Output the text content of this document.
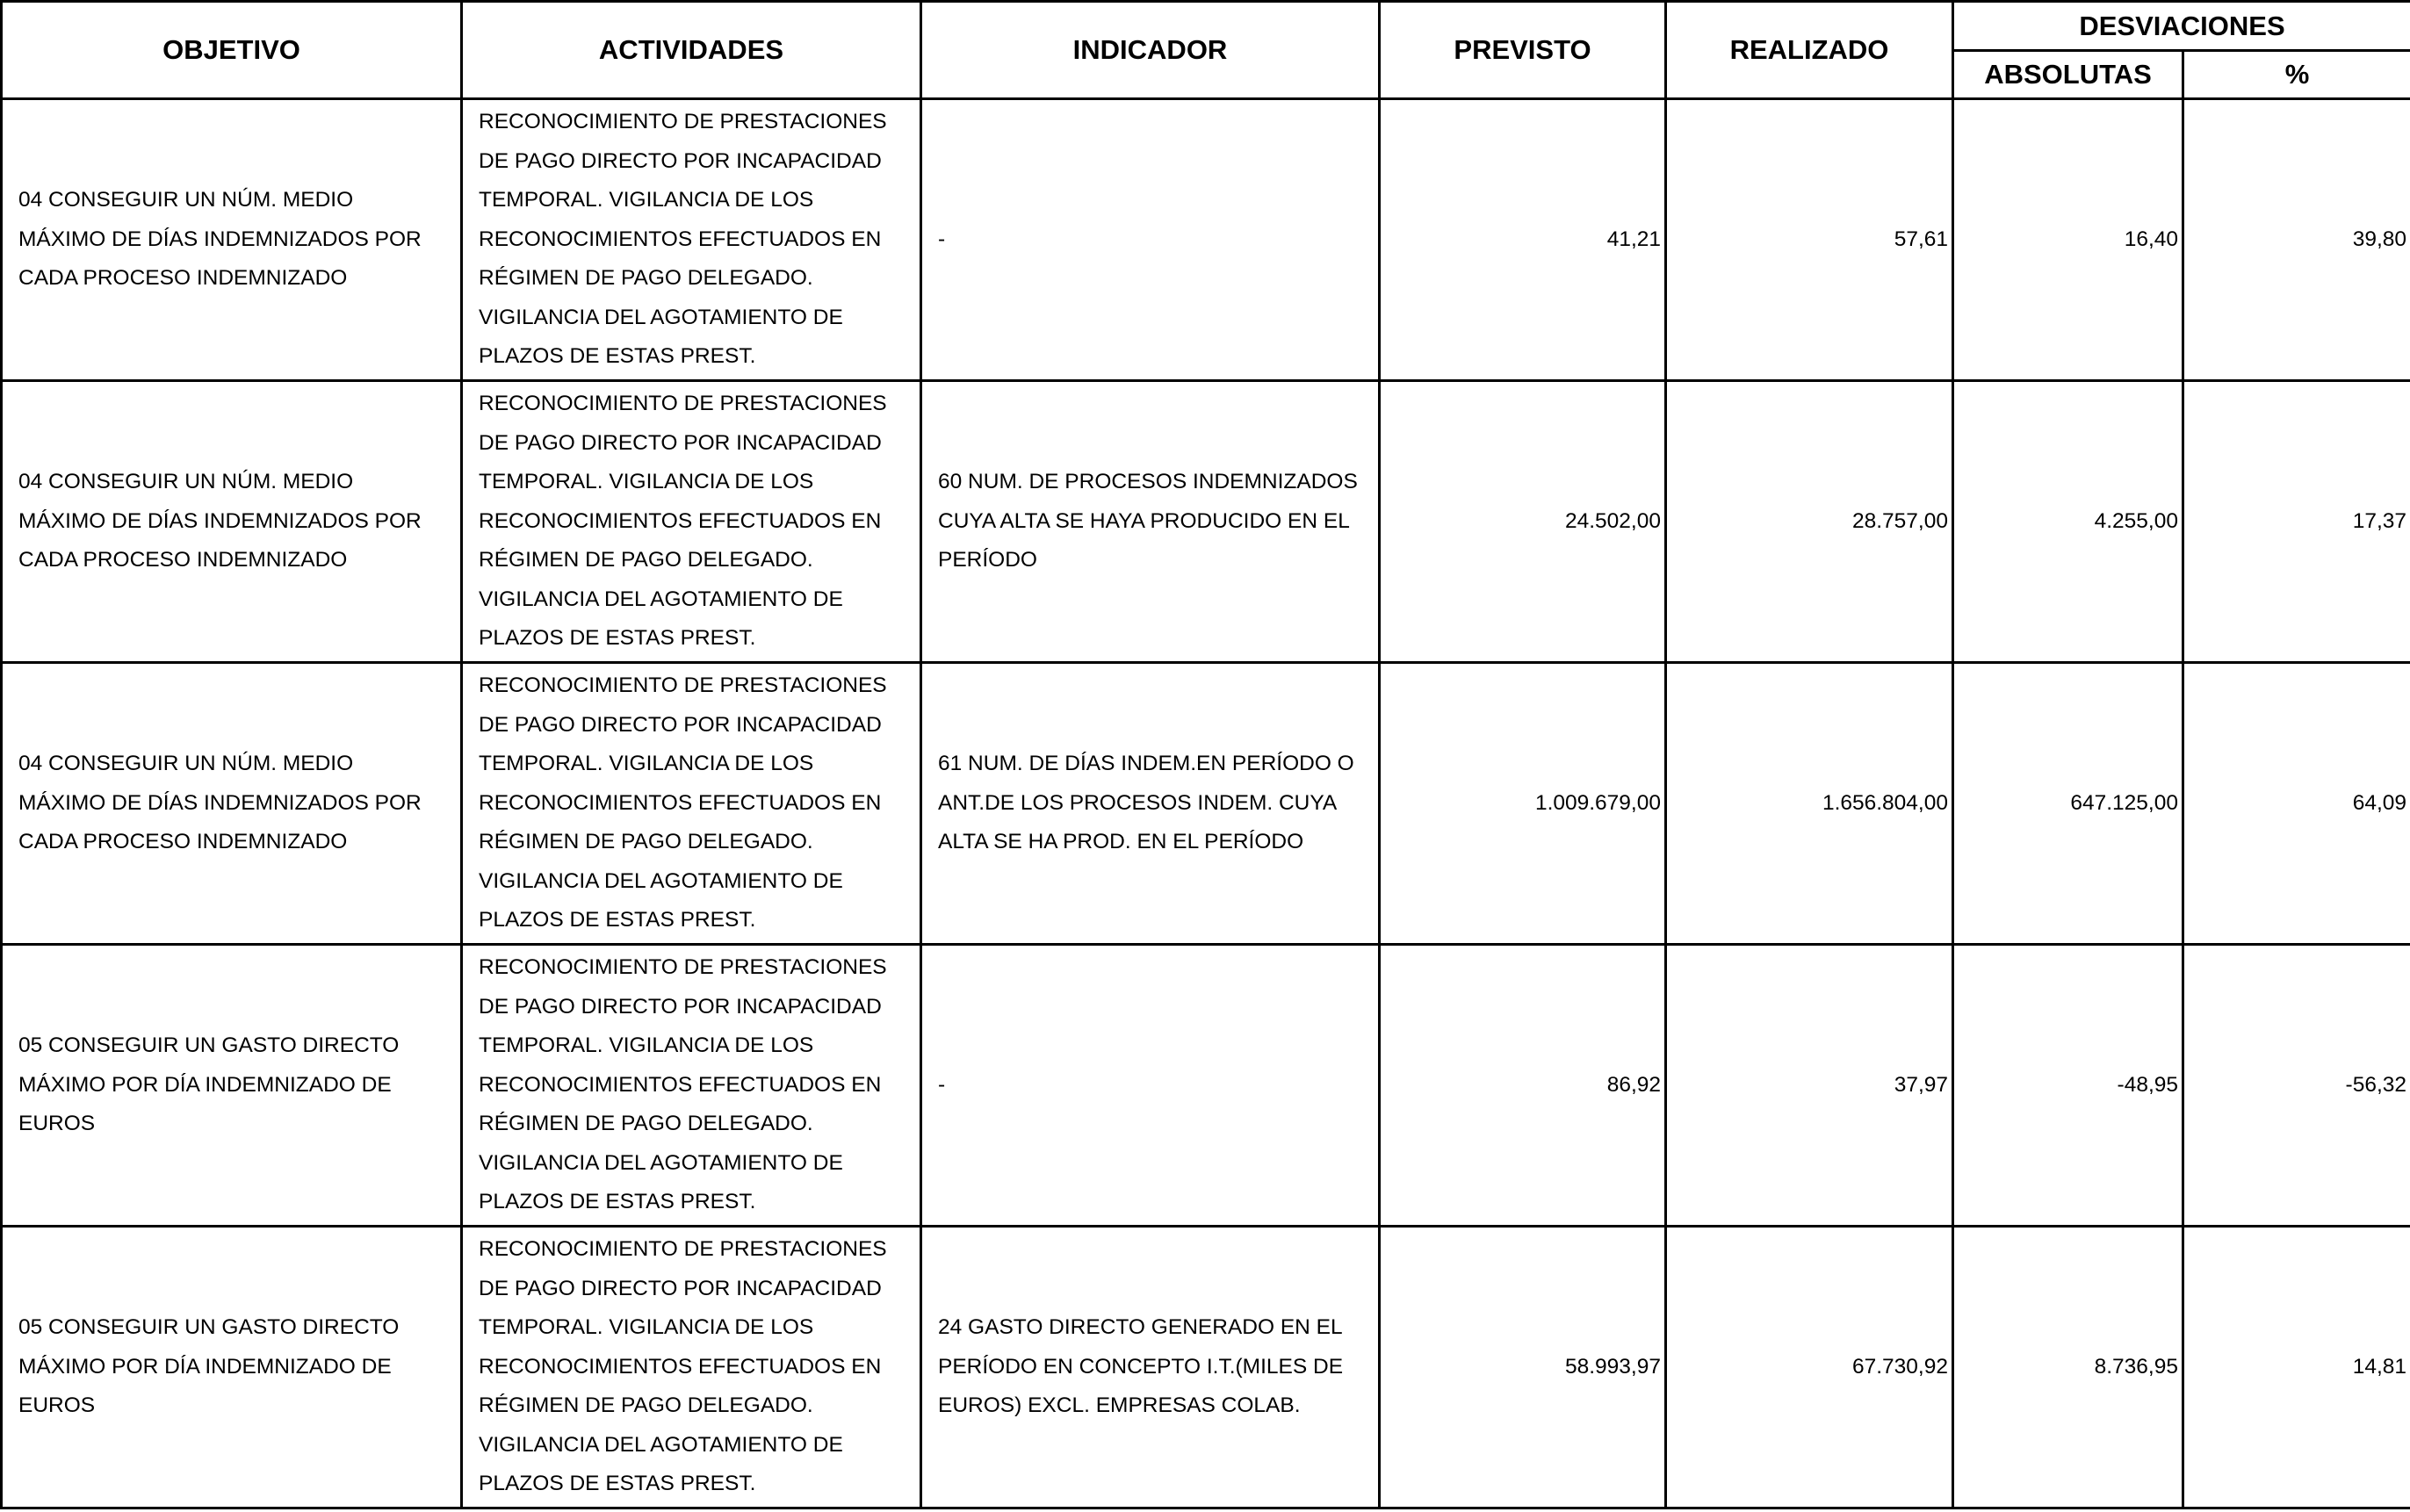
OBJETIVO	ACTIVIDADES	INDICADOR	PREVISTO	REALIZADO	DESVIACIONES	
					ABSOLUTAS	%
04 CONSEGUIR UN NÚM. MEDIO MÁXIMO DE DÍAS INDEMNIZADOS POR CADA PROCESO INDEMNIZADO	RECONOCIMIENTO DE PRESTACIONES DE PAGO DIRECTO POR INCAPACIDAD TEMPORAL. VIGILANCIA DE LOS RECONOCIMIENTOS EFECTUADOS EN RÉGIMEN DE PAGO DELEGADO. VIGILANCIA DEL AGOTAMIENTO DE PLAZOS DE ESTAS PREST.	-	41,21	57,61	16,40	39,80
04 CONSEGUIR UN NÚM. MEDIO MÁXIMO DE DÍAS INDEMNIZADOS POR CADA PROCESO INDEMNIZADO	RECONOCIMIENTO DE PRESTACIONES DE PAGO DIRECTO POR INCAPACIDAD TEMPORAL. VIGILANCIA DE LOS RECONOCIMIENTOS EFECTUADOS EN RÉGIMEN DE PAGO DELEGADO. VIGILANCIA DEL AGOTAMIENTO DE PLAZOS DE ESTAS PREST.	60 NUM. DE PROCESOS INDEMNIZADOS CUYA ALTA SE HAYA PRODUCIDO EN EL PERÍODO	24.502,00	28.757,00	4.255,00	17,37
04 CONSEGUIR UN NÚM. MEDIO MÁXIMO DE DÍAS INDEMNIZADOS POR CADA PROCESO INDEMNIZADO	RECONOCIMIENTO DE PRESTACIONES DE PAGO DIRECTO POR INCAPACIDAD TEMPORAL. VIGILANCIA DE LOS RECONOCIMIENTOS EFECTUADOS EN RÉGIMEN DE PAGO DELEGADO. VIGILANCIA DEL AGOTAMIENTO DE PLAZOS DE ESTAS PREST.	61 NUM. DE DÍAS INDEM.EN PERÍODO O ANT.DE LOS PROCESOS INDEM. CUYA ALTA SE HA PROD. EN EL PERÍODO	1.009.679,00	1.656.804,00	647.125,00	64,09
05 CONSEGUIR UN GASTO DIRECTO MÁXIMO POR DÍA INDEMNIZADO DE EUROS	RECONOCIMIENTO DE PRESTACIONES DE PAGO DIRECTO POR INCAPACIDAD TEMPORAL. VIGILANCIA DE LOS RECONOCIMIENTOS EFECTUADOS EN RÉGIMEN DE PAGO DELEGADO. VIGILANCIA DEL AGOTAMIENTO DE PLAZOS DE ESTAS PREST.	-	86,92	37,97	-48,95	-56,32
05 CONSEGUIR UN GASTO DIRECTO MÁXIMO POR DÍA INDEMNIZADO DE EUROS	RECONOCIMIENTO DE PRESTACIONES DE PAGO DIRECTO POR INCAPACIDAD TEMPORAL. VIGILANCIA DE LOS RECONOCIMIENTOS EFECTUADOS EN RÉGIMEN DE PAGO DELEGADO. VIGILANCIA DEL AGOTAMIENTO DE PLAZOS DE ESTAS PREST.	24 GASTO DIRECTO GENERADO EN EL PERÍODO EN CONCEPTO I.T.(MILES DE EUROS) EXCL. EMPRESAS COLAB.	58.993,97	67.730,92	8.736,95	14,81
